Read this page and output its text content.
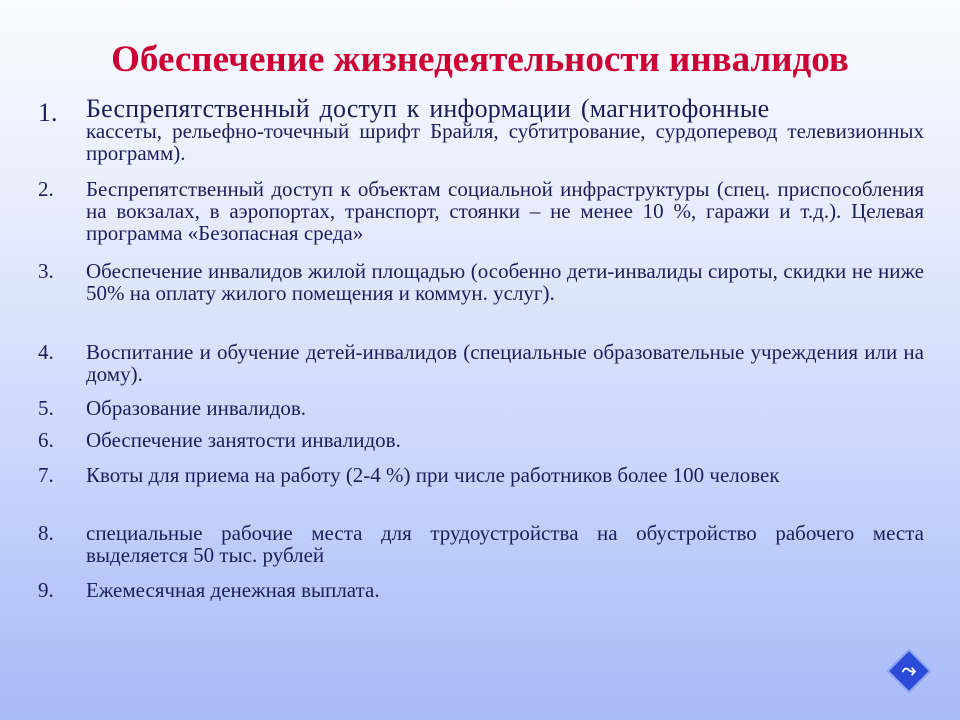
Обеспечение жизнедеятельности инвалидов
1. Беспрепятственный доступ к информации (магнитофонные
кассеты, рельефно-точечный шрифт Брайля, субтитрование, сурдоперевод телевизионных программ).
2. Беспрепятственный доступ к объектам социальной инфраструктуры (спец. приспособления на вокзалах, в аэропортах, транспорт, стоянки – не менее 10 %, гаражи и т.д.). Целевая программа «Безопасная среда»
3. Обеспечение инвалидов жилой площадью (особенно дети-инвалиды сироты, скидки не ниже 50% на оплату жилого помещения и коммун. услуг).
4. Воспитание и обучение детей-инвалидов (специальные образовательные учреждения или на дому).
5. Образование инвалидов.
6. Обеспечение занятости инвалидов.
7. Квоты для приема на работу (2-4 %) при числе работников более 100 человек
8. специальные рабочие места для трудоустройства на обустройство рабочего места выделяется 50 тыс. рублей
9. Ежемесячная денежная выплата.
⤳
